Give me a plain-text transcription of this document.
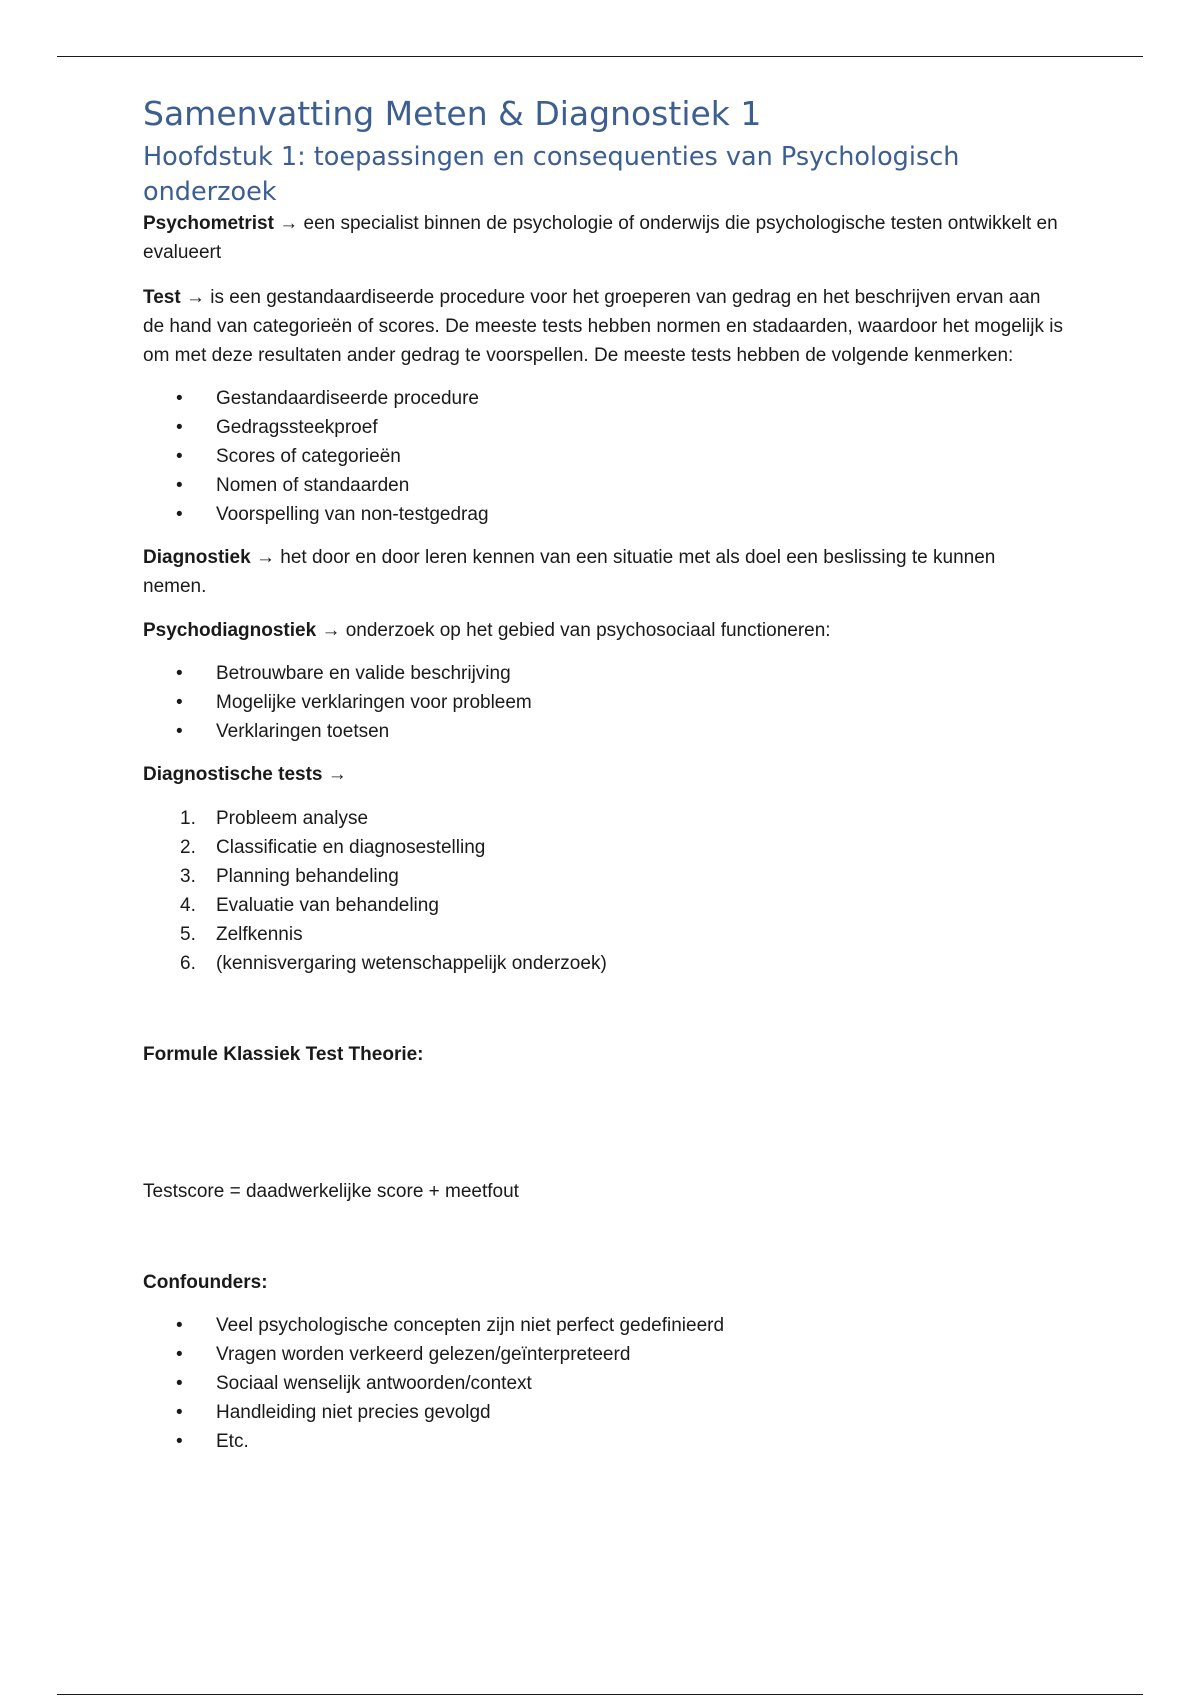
Samenvatting Meten & Diagnostiek 1
Hoofdstuk 1: toepassingen en consequenties van Psychologisch onderzoek

Psychometrist → een specialist binnen de psychologie of onderwijs die psychologische testen ontwikkelt en evalueert

Test → is een gestandaardiseerde procedure voor het groeperen van gedrag en het beschrijven ervan aan de hand van categorieën of scores. De meeste tests hebben normen en stadaarden, waardoor het mogelijk is om met deze resultaten ander gedrag te voorspellen. De meeste tests hebben de volgende kenmerken:

• Gestandaardiseerde procedure
• Gedragssteekproef
• Scores of categorieën
• Nomen of standaarden
• Voorspelling van non-testgedrag

Diagnostiek → het door en door leren kennen van een situatie met als doel een beslissing te kunnen nemen.

Psychodiagnostiek → onderzoek op het gebied van psychosociaal functioneren:

• Betrouwbare en valide beschrijving
• Mogelijke verklaringen voor probleem
• Verklaringen toetsen

Diagnostische tests →

1. Probleem analyse
2. Classificatie en diagnosestelling
3. Planning behandeling
4. Evaluatie van behandeling
5. Zelfkennis
6. (kennisvergaring wetenschappelijk onderzoek)

Formule Klassiek Test Theorie:

Testscore = daadwerkelijke score + meetfout

Confounders:

• Veel psychologische concepten zijn niet perfect gedefinieerd
• Vragen worden verkeerd gelezen/geïnterpreteerd
• Sociaal wenselijk antwoorden/context
• Handleiding niet precies gevolgd
• Etc.
